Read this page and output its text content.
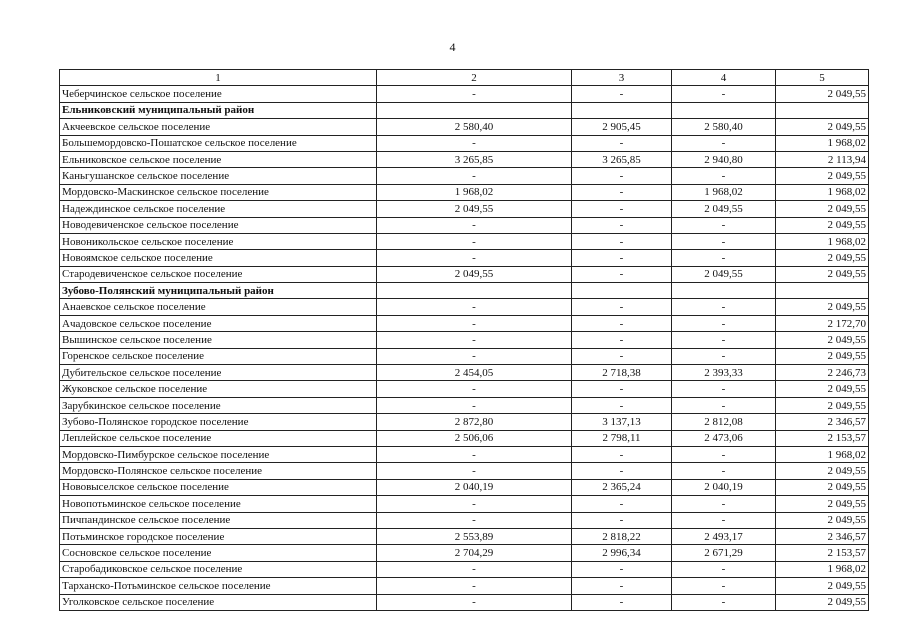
4
1	2	3	4	5
Чеберчинское сельское поселение	-	-	-	2 049,55
Ельниковский муниципальный район				
Акчеевское сельское поселение	2 580,40	2 905,45	2 580,40	2 049,55
Большемордовско-Пошатское сельское поселение	-	-	-	1 968,02
Ельниковское сельское поселение	3 265,85	3 265,85	2 940,80	2 113,94
Каньгушанское сельское поселение	-	-	-	2 049,55
Мордовско-Маскинское сельское поселение	1 968,02	-	1 968,02	1 968,02
Надеждинское сельское поселение	2 049,55	-	2 049,55	2 049,55
Новодевиченское сельское поселение	-	-	-	2 049,55
Новоникольское сельское поселение	-	-	-	1 968,02
Новоямское сельское поселение	-	-	-	2 049,55
Стародевиченское сельское поселение	2 049,55	-	2 049,55	2 049,55
Зубово-Полянский муниципальный район				
Анаевское сельское поселение	-	-	-	2 049,55
Ачадовское сельское поселение	-	-	-	2 172,70
Вышинское сельское поселение	-	-	-	2 049,55
Горенское сельское поселение	-	-	-	2 049,55
Дубительское сельское поселение	2 454,05	2 718,38	2 393,33	2 246,73
Жуковское сельское поселение	-	-	-	2 049,55
Зарубкинское сельское поселение	-	-	-	2 049,55
Зубово-Полянское городское поселение	2 872,80	3 137,13	2 812,08	2 346,57
Леплейское сельское поселение	2 506,06	2 798,11	2 473,06	2 153,57
Мордовско-Пимбурское сельское поселение	-	-	-	1 968,02
Мордовско-Полянское сельское поселение	-	-	-	2 049,55
Нововыселское сельское поселение	2 040,19	2 365,24	2 040,19	2 049,55
Новопотьминское сельское поселение	-	-	-	2 049,55
Пичпандинское сельское поселение	-	-	-	2 049,55
Потьминское городское поселение	2 553,89	2 818,22	2 493,17	2 346,57
Сосновское сельское поселение	2 704,29	2 996,34	2 671,29	2 153,57
Старобадиковское сельское поселение	-	-	-	1 968,02
Тарханско-Потьминское сельское поселение	-	-	-	2 049,55
Уголковское сельское поселение	-	-	-	2 049,55
